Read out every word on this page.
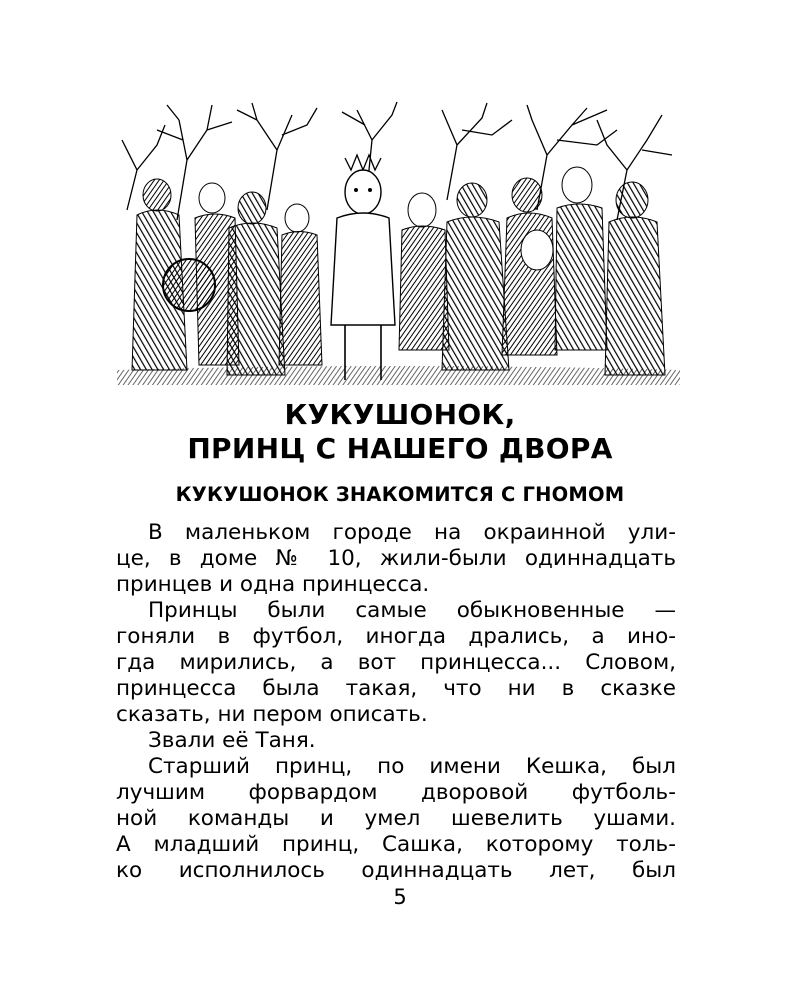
КУКУШОНОК,
ПРИНЦ С НАШЕГО ДВОРА
КУКУШОНОК ЗНАКОМИТСЯ С ГНОМОМ
В маленьком городе на окраинной ули-
це, в доме № 10, жили-были одиннадцать
принцев и одна принцесса.
Принцы были самые обыкновенные —
гоняли в футбол, иногда дрались, а ино-
гда мирились, а вот принцесса... Словом,
принцесса была такая, что ни в сказке
сказать, ни пером описать.
Звали её Таня.
Старший принц, по имени Кешка, был
лучшим форвардом дворовой футболь-
ной команды и умел шевелить ушами.
А младший принц, Сашка, которому толь-
ко исполнилось одиннадцать лет, был
5
